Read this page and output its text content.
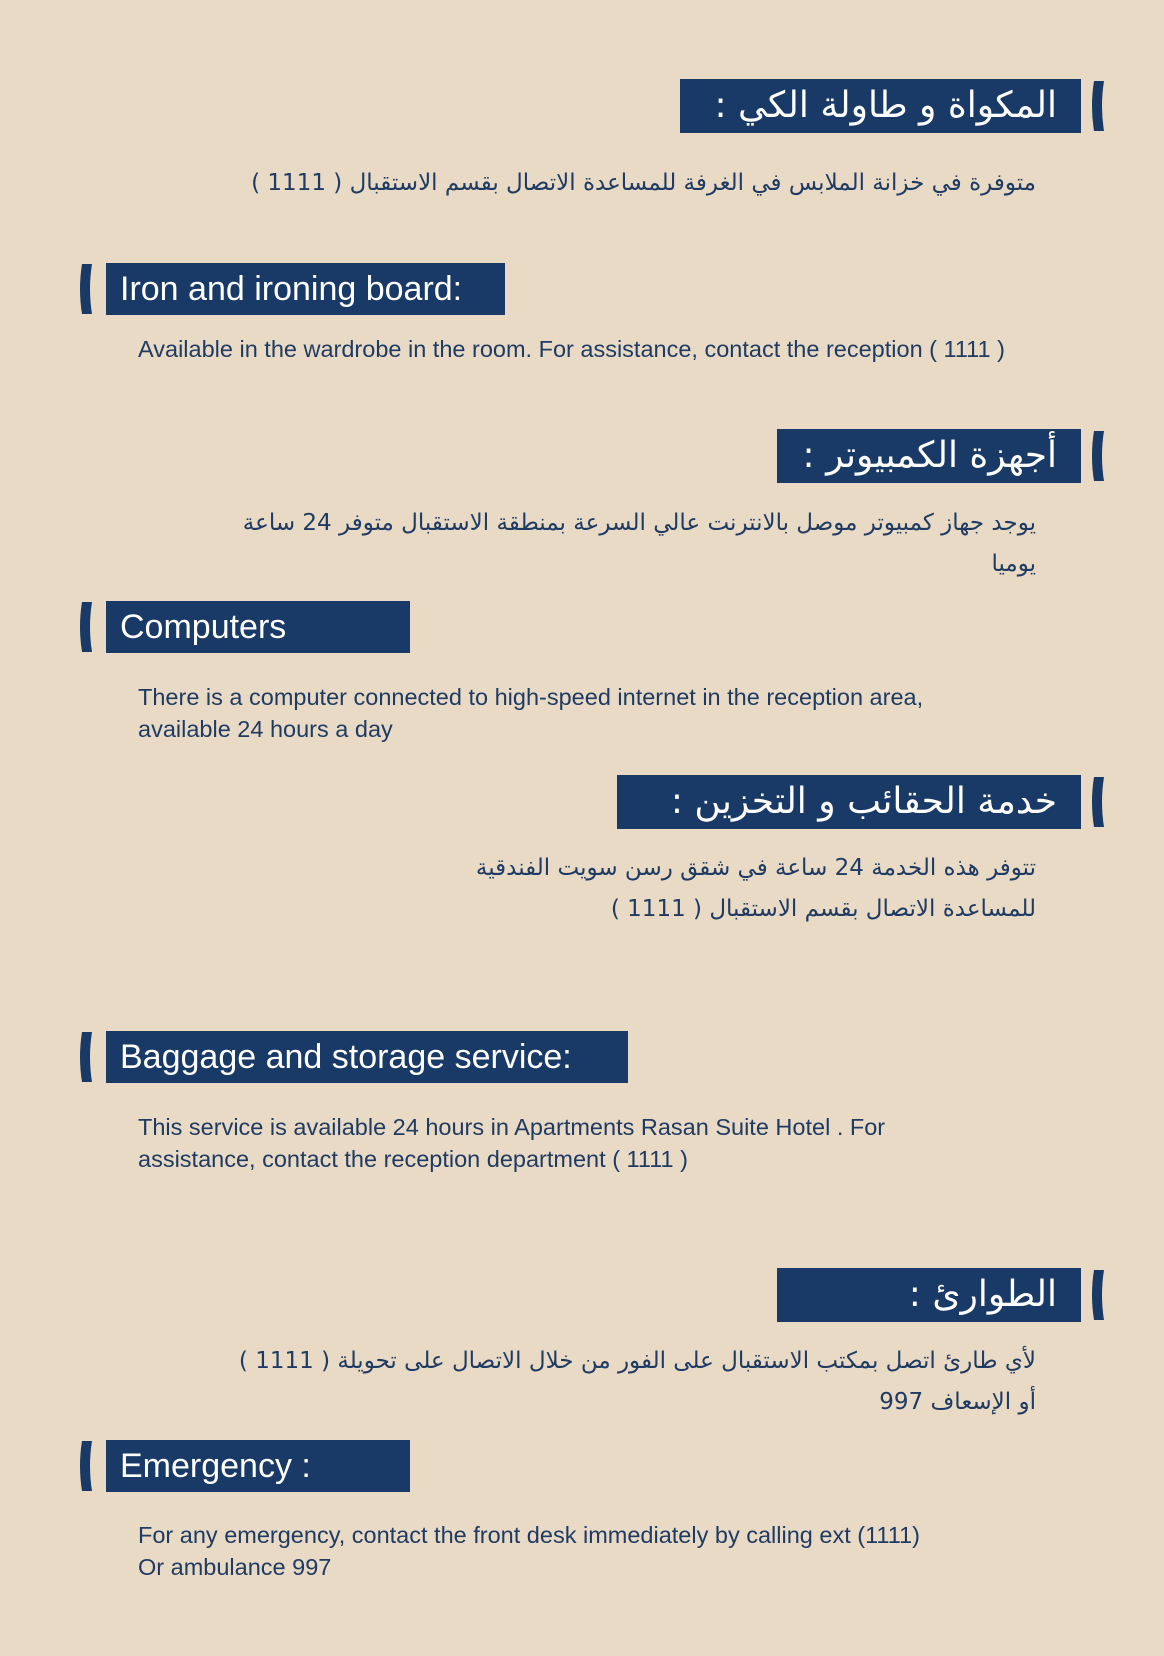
المكواة و طاولة الكي :
متوفرة في خزانة الملابس في الغرفة للمساعدة الاتصال بقسم الاستقبال ( 1111 )
Iron and ironing board:
Available in the wardrobe in the room. For assistance, contact the reception ( 1111 )
أجهزة الكمبيوتر :
يوجد جهاز كمبيوتر موصل بالانترنت عالي السرعة بمنطقة الاستقبال متوفر 24 ساعة
يوميا
Computers
There is a computer connected to high-speed internet in the reception area,
available 24 hours a day
خدمة الحقائب و التخزين :
تتوفر هذه الخدمة 24 ساعة في شقق رسن سويت الفندقية
للمساعدة الاتصال بقسم الاستقبال ( 1111 )
Baggage and storage service:
This service is available 24 hours in Apartments Rasan Suite Hotel . For
assistance, contact the reception department ( 1111 )
الطوارئ :
لأي طارئ اتصل بمكتب الاستقبال على الفور من خلال الاتصال على تحويلة ( 1111 )
أو الإسعاف 997
Emergency :
For any emergency, contact the front desk immediately by calling ext (1111)
Or ambulance 997
